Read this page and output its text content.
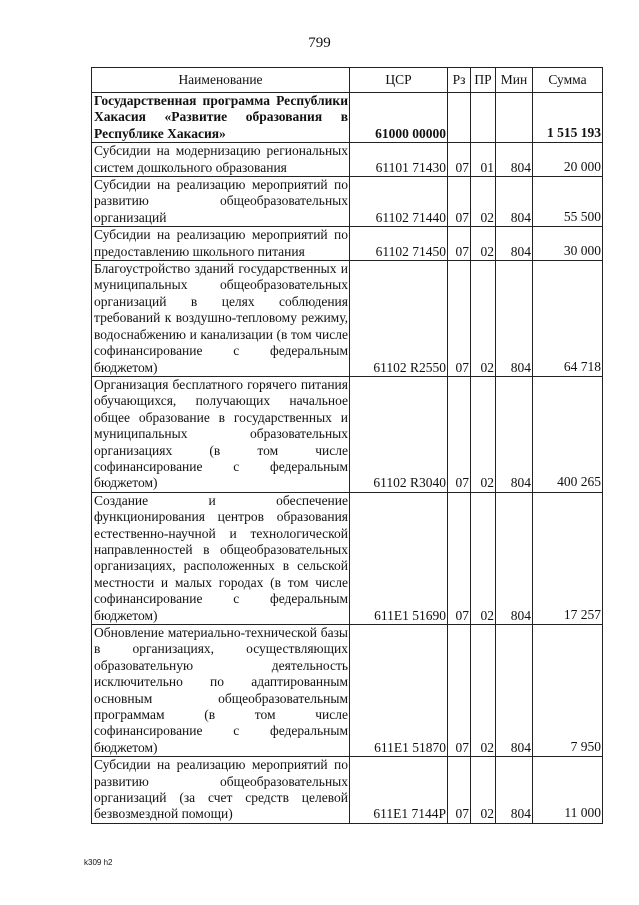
799
Наименование	ЦСР	Рз	ПР	Мин	Сумма
Государственная программа Республики Хакасия «Развитие образования в Республике Хакасия»	61000 00000				1 515 193
Субсидии на модернизацию региональных систем дошкольного образования	61101 71430	07	01	804	20 000
Субсидии на реализацию мероприятий по развитию общеобразовательных организаций	61102 71440	07	02	804	55 500
Субсидии на реализацию мероприятий по предоставлению школьного питания	61102 71450	07	02	804	30 000
Благоустройство зданий государственных и муниципальных общеобразовательных организаций в целях соблюдения требований к воздушно-тепловому режиму, водоснабжению и канализации (в том числе софинансирование с федеральным бюджетом)	61102 R2550	07	02	804	64 718
Организация бесплатного горячего питания обучающихся, получающих начальное общее образование в государственных и муниципальных образовательных организациях (в том числе софинансирование с федеральным бюджетом)	61102 R3040	07	02	804	400 265
Создание и обеспечение функционирования центров образования естественно-научной и технологической направленностей в общеобразовательных организациях, расположенных в сельской местности и малых городах (в том числе софинансирование с федеральным бюджетом)	611E1 51690	07	02	804	17 257
Обновление материально-технической базы в организациях, осуществляющих образовательную деятельность исключительно по адаптированным основным общеобразовательным программам (в том числе софинансирование с федеральным бюджетом)	611E1 51870	07	02	804	7 950
Субсидии на реализацию мероприятий по развитию общеобразовательных организаций (за счет средств целевой безвозмездной помощи)	611E1 7144P	07	02	804	11 000
k309 h2
